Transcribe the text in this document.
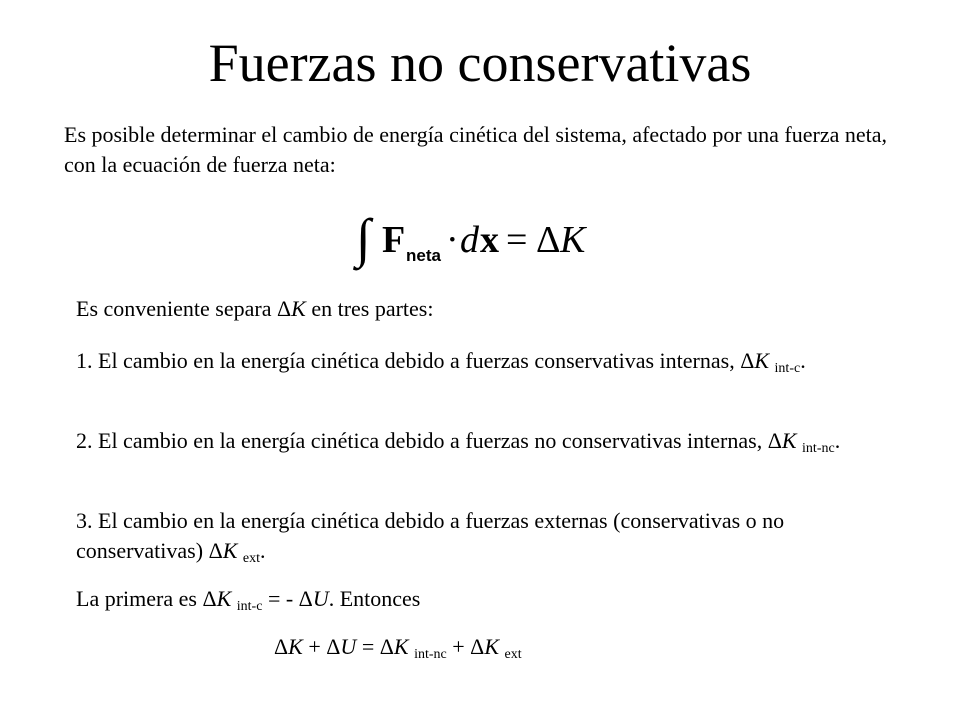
Fuerzas no conservativas
Es posible determinar el cambio de energía cinética del sistema, afectado por una fuerza neta, con la ecuación de fuerza neta:
∫ F neta · d x = Δ K
Es conveniente separa ΔK en tres partes:
1. El cambio en la energía cinética debido a fuerzas conservativas internas, ΔK $_{int-c}$.
2. El cambio en la energía cinética debido a fuerzas no conservativas internas, ΔK $_{int-nc}$.
3. El cambio en la energía cinética debido a fuerzas externas (conservativas o no conservativas) ΔK $_{ext}$.
La primera es ΔK $_{int-c}$ = - ΔU. Entonces
ΔK + ΔU = ΔK $_{int-nc}$ + ΔK $_{ext}$
